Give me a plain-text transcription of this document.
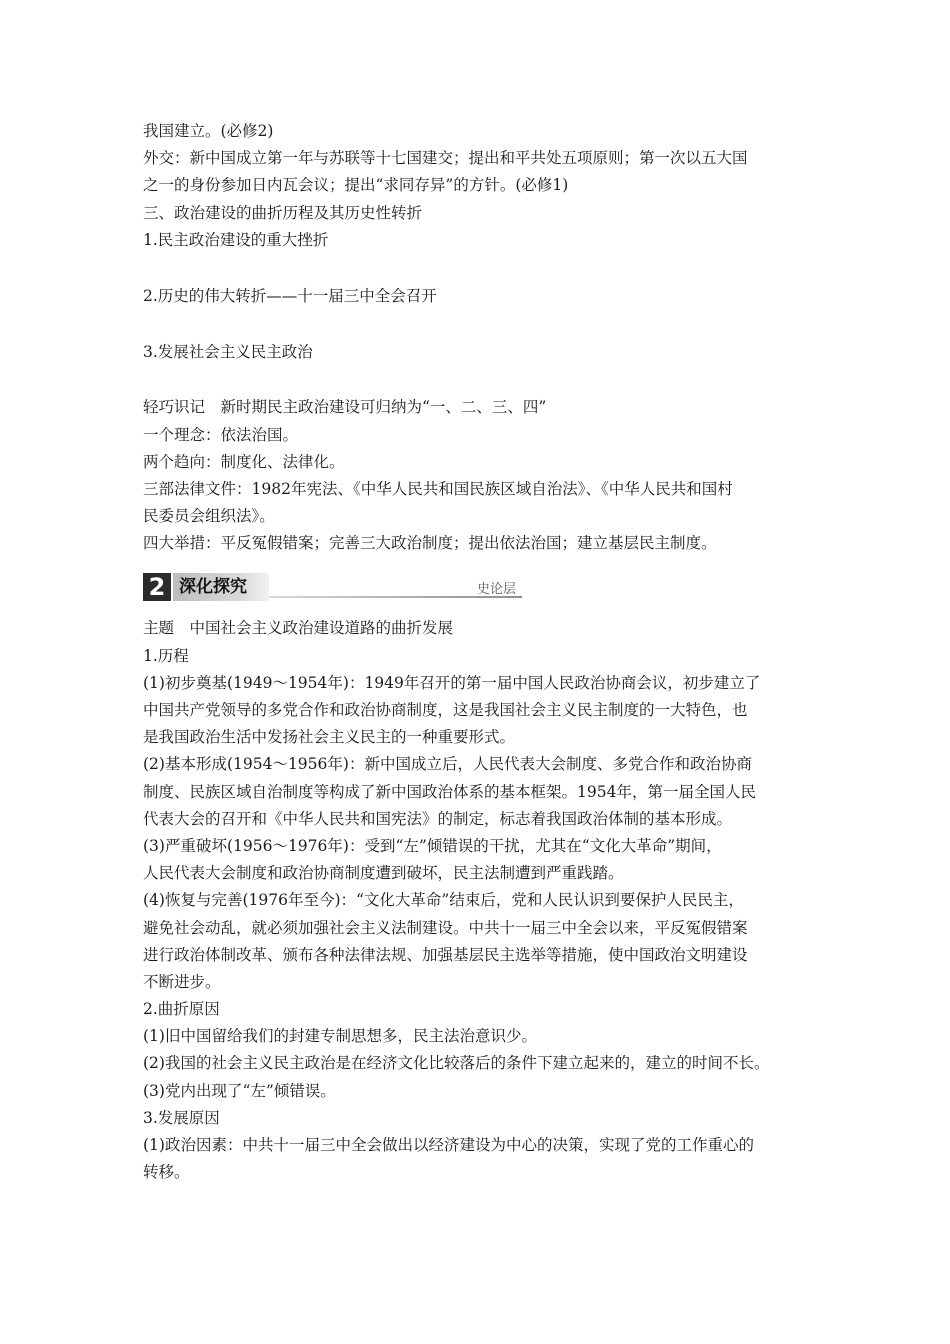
我国建立。(必修2)
外交：新中国成立第一年与苏联等十七国建交；提出和平共处五项原则；第一次以五大国
之一的身份参加日内瓦会议；提出“求同存异”的方针。(必修1)
三、政治建设的曲折历程及其历史性转折
1.民主政治建设的重大挫折
2.历史的伟大转折——十一届三中全会召开
3.发展社会主义民主政治
轻巧识记　新时期民主政治建设可归纳为“一、二、三、四”
一个理念：依法治国。
两个趋向：制度化、法律化。
三部法律文件：1982年宪法、《中华人民共和国民族区域自治法》、《中华人民共和国村
民委员会组织法》。
四大举措：平反冤假错案；完善三大政治制度；提出依法治国；建立基层民主制度。
2 深化探究	史论层
主题　中国社会主义政治建设道路的曲折发展
1.历程
(1)初步奠基(1949～1954年)：1949年召开的第一届中国人民政治协商会议，初步建立了
中国共产党领导的多党合作和政治协商制度，这是我国社会主义民主制度的一大特色，也
是我国政治生活中发扬社会主义民主的一种重要形式。
(2)基本形成(1954～1956年)：新中国成立后，人民代表大会制度、多党合作和政治协商
制度、民族区域自治制度等构成了新中国政治体系的基本框架。1954年，第一届全国人民
代表大会的召开和《中华人民共和国宪法》的制定，标志着我国政治体制的基本形成。
(3)严重破坏(1956～1976年)：受到“左”倾错误的干扰，尤其在“文化大革命”期间，
人民代表大会制度和政治协商制度遭到破坏，民主法制遭到严重践踏。
(4)恢复与完善(1976年至今)：“文化大革命”结束后，党和人民认识到要保护人民民主，
避免社会动乱，就必须加强社会主义法制建设。中共十一届三中全会以来，平反冤假错案
进行政治体制改革、颁布各种法律法规、加强基层民主选举等措施，使中国政治文明建设
不断进步。
2.曲折原因
(1)旧中国留给我们的封建专制思想多，民主法治意识少。
(2)我国的社会主义民主政治是在经济文化比较落后的条件下建立起来的，建立的时间不长。
(3)党内出现了“左”倾错误。
3.发展原因
(1)政治因素：中共十一届三中全会做出以经济建设为中心的决策，实现了党的工作重心的
转移。
